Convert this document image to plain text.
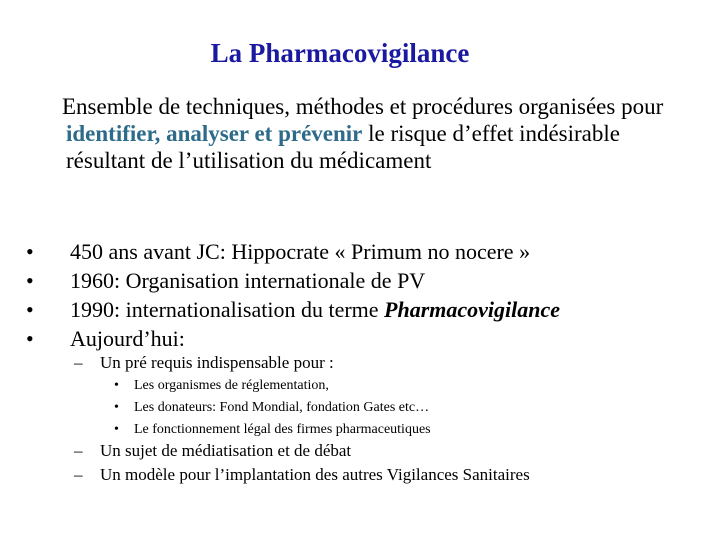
La Pharmacovigilance
Ensemble de techniques, méthodes et procédures organisées pour identifier, analyser et prévenir le risque d’effet indésirable résultant de l’utilisation du médicament
•	450 ans avant JC: Hippocrate « Primum no nocere »
•	1960: Organisation internationale de PV
•	1990: internationalisation du terme Pharmacovigilance
•	Aujourd’hui:
– Un pré requis indispensable pour :
• Les organismes de réglementation,
• Les donateurs: Fond Mondial, fondation Gates etc…
• Le fonctionnement légal des firmes pharmaceutiques
– Un sujet de médiatisation et de débat
– Un modèle pour l’implantation des autres Vigilances Sanitaires
